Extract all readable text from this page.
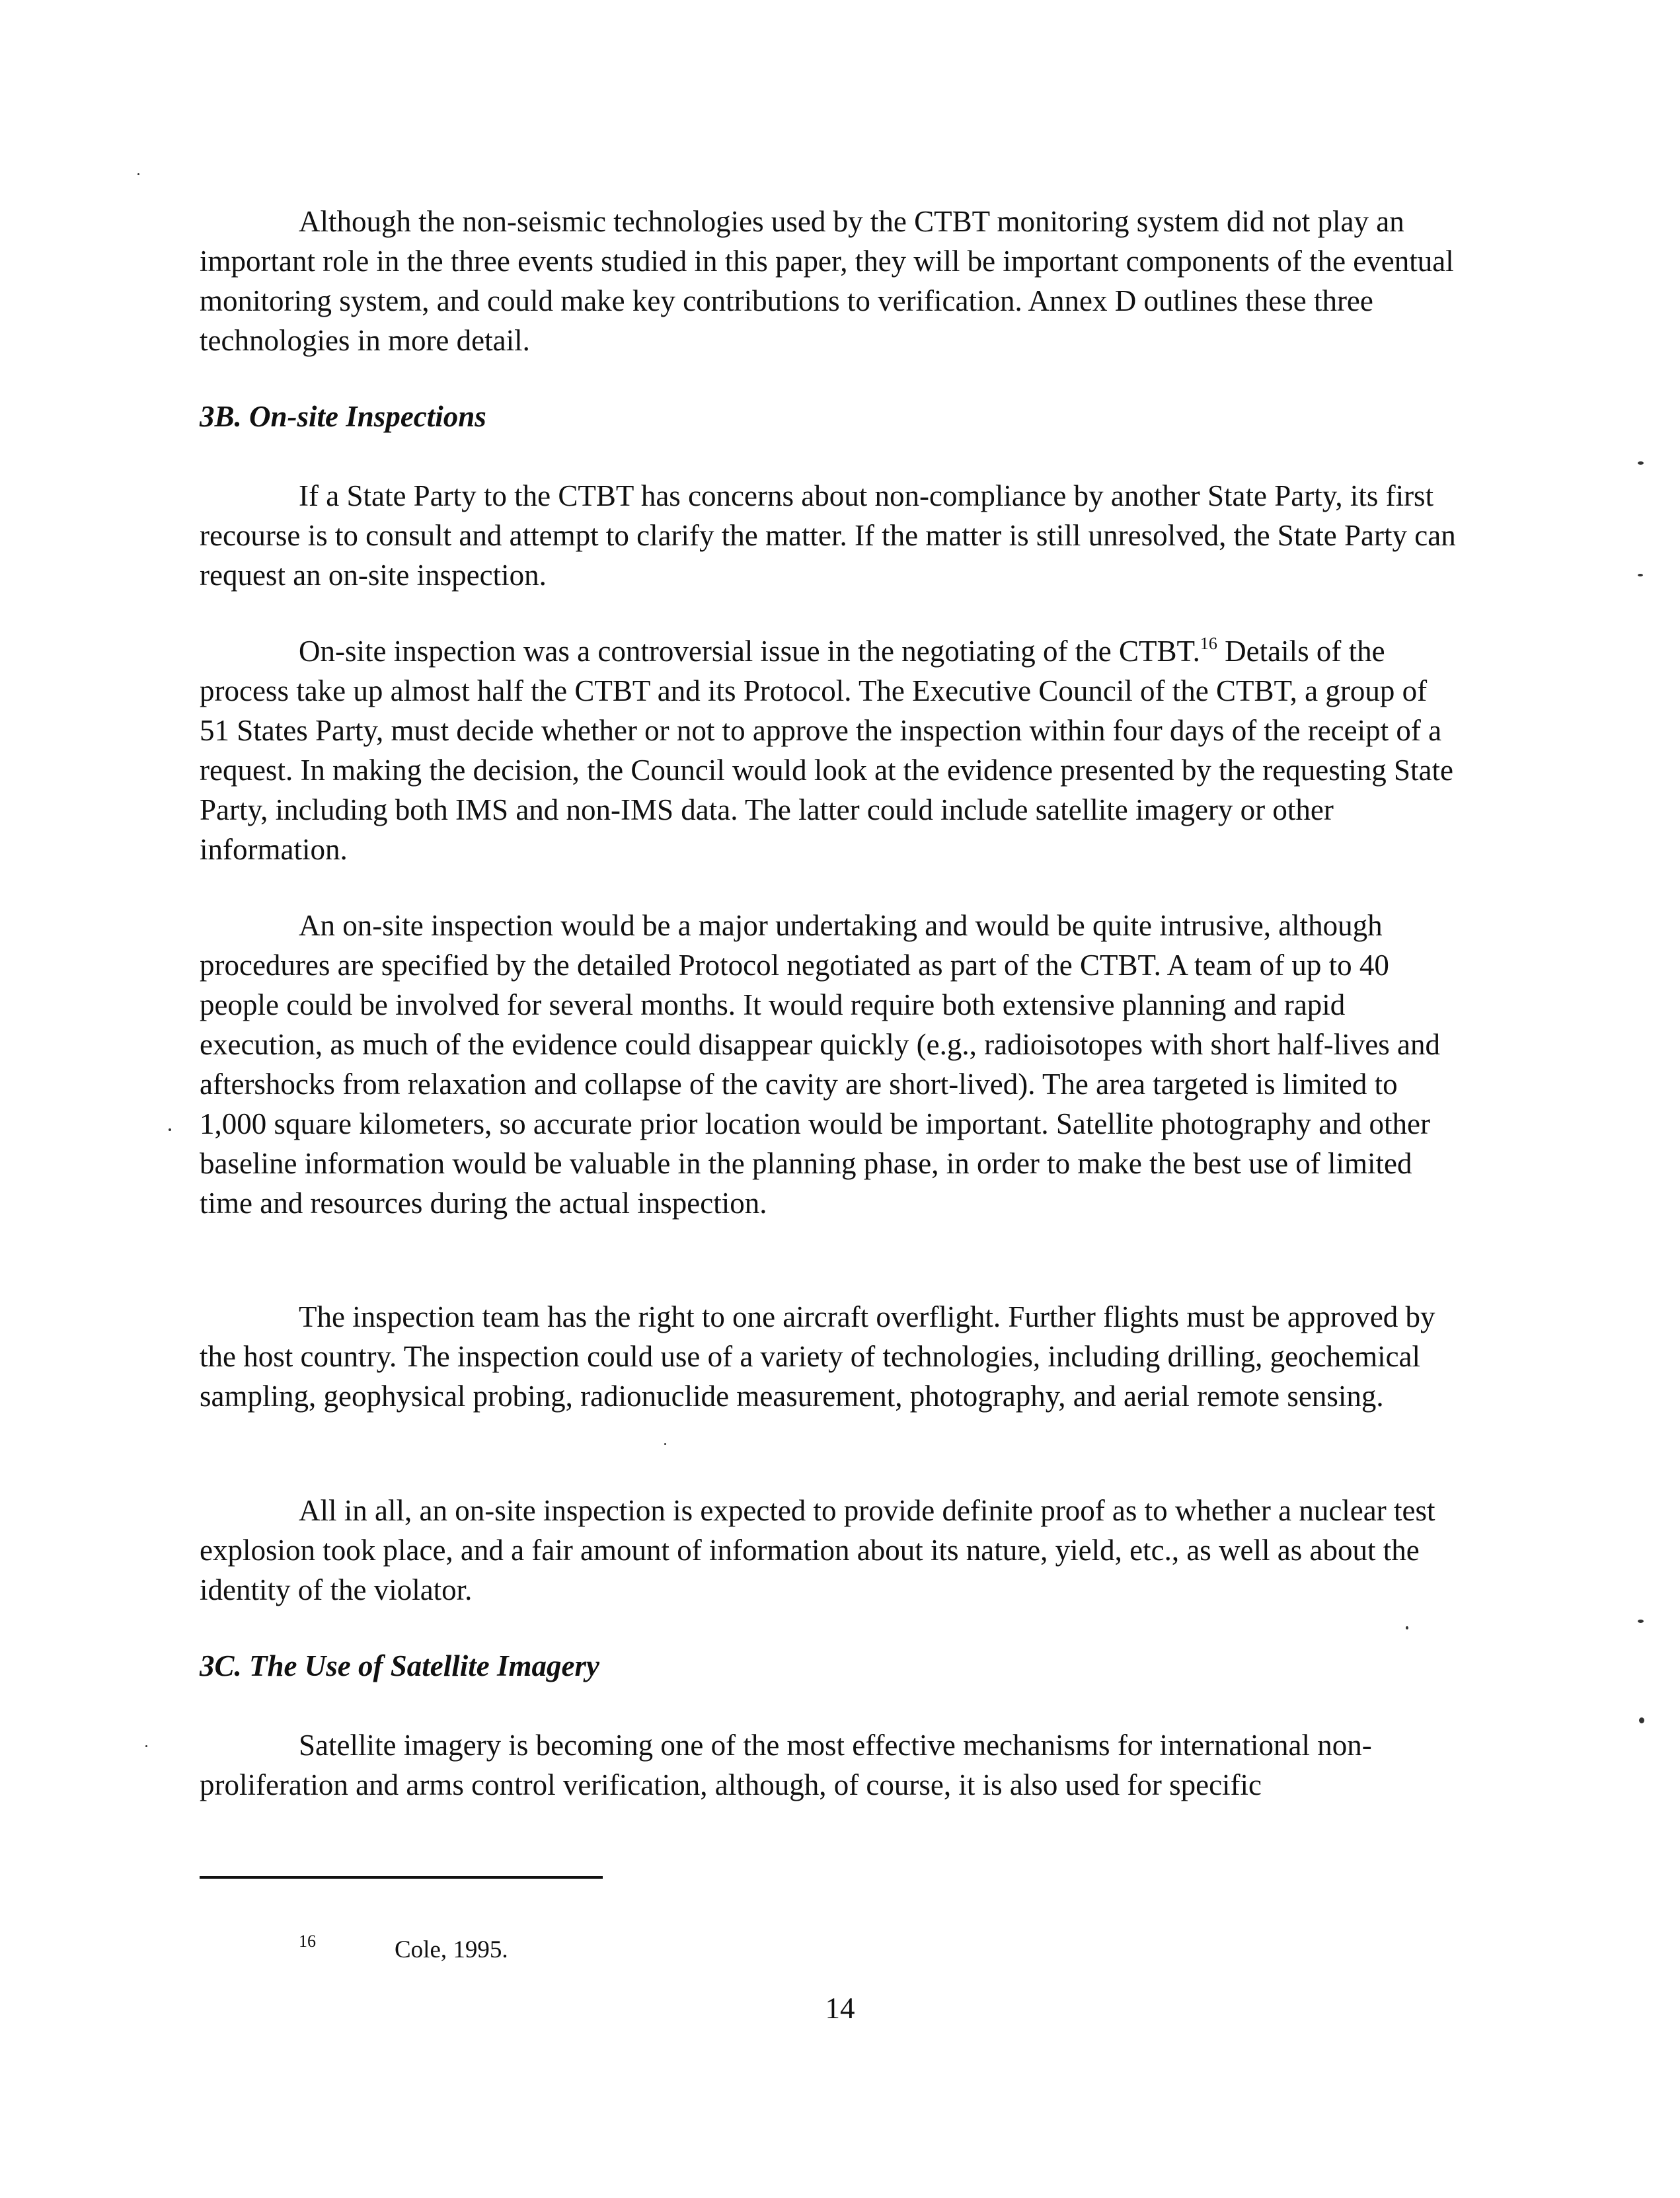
Although the non-seismic technologies used by the CTBT monitoring system did not play an important role in the three events studied in this paper, they will be important components of the eventual monitoring system, and could make key contributions to verification. Annex D outlines these three technologies in more detail.

3B. On-site Inspections

If a State Party to the CTBT has concerns about non-compliance by another State Party, its first recourse is to consult and attempt to clarify the matter. If the matter is still unresolved, the State Party can request an on-site inspection.

On-site inspection was a controversial issue in the negotiating of the CTBT.$^{16}$ Details of the process take up almost half the CTBT and its Protocol. The Executive Council of the CTBT, a group of 51 States Party, must decide whether or not to approve the inspection within four days of the receipt of a request. In making the decision, the Council would look at the evidence presented by the requesting State Party, including both IMS and non-IMS data. The latter could include satellite imagery or other information.

An on-site inspection would be a major undertaking and would be quite intrusive, although procedures are specified by the detailed Protocol negotiated as part of the CTBT. A team of up to 40 people could be involved for several months. It would require both extensive planning and rapid execution, as much of the evidence could disappear quickly (e.g., radioisotopes with short half-lives and aftershocks from relaxation and collapse of the cavity are short-lived). The area targeted is limited to 1,000 square kilometers, so accurate prior location would be important. Satellite photography and other baseline information would be valuable in the planning phase, in order to make the best use of limited time and resources during the actual inspection.

The inspection team has the right to one aircraft overflight. Further flights must be approved by the host country. The inspection could use of a variety of technologies, including drilling, geochemical sampling, geophysical probing, radionuclide measurement, photography, and aerial remote sensing.

All in all, an on-site inspection is expected to provide definite proof as to whether a nuclear test explosion took place, and a fair amount of information about its nature, yield, etc., as well as about the identity of the violator.

3C. The Use of Satellite Imagery

Satellite imagery is becoming one of the most effective mechanisms for international non-proliferation and arms control verification, although, of course, it is also used for specific

16	Cole, 1995.
14
